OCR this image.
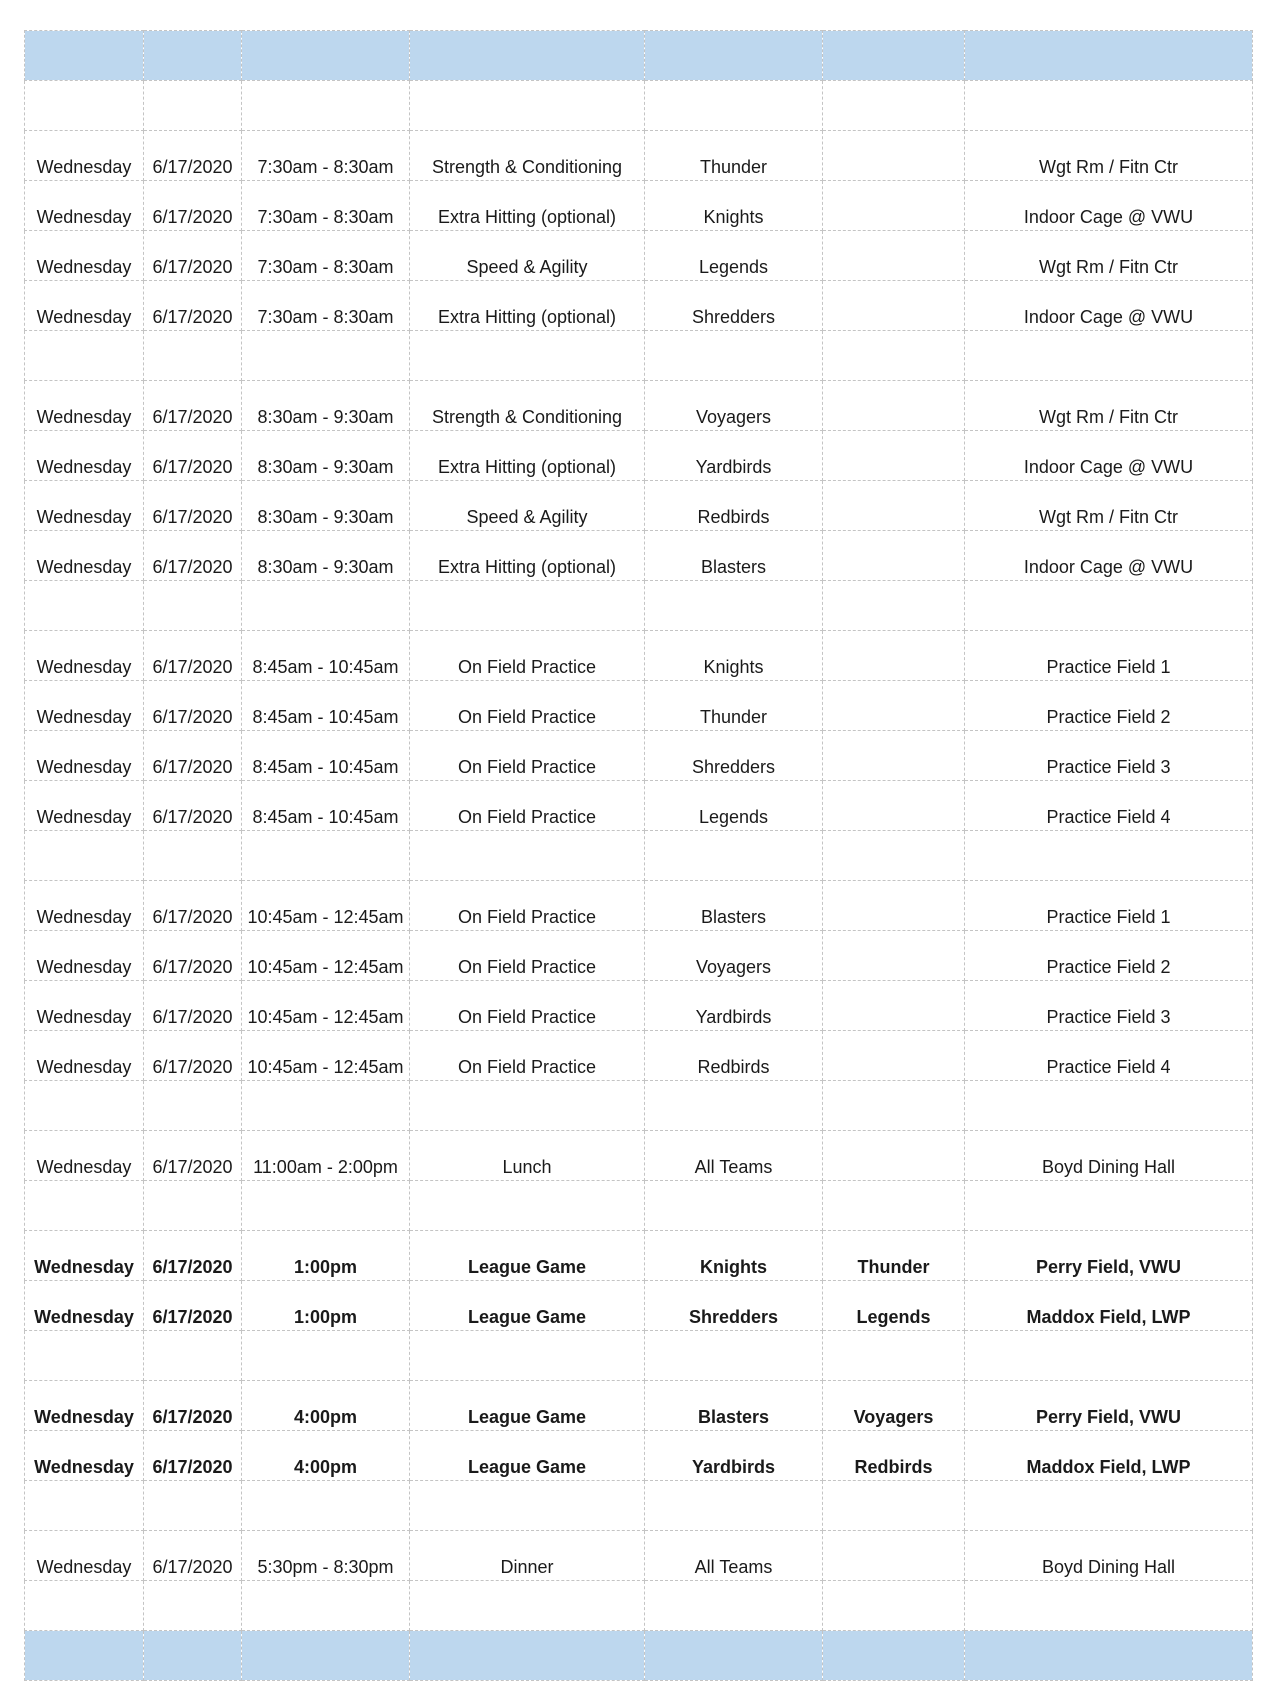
Wednesday	6/17/2020	7:30am - 8:30am	Strength & Conditioning	Thunder		Wgt Rm / Fitn Ctr
Wednesday	6/17/2020	7:30am - 8:30am	Extra Hitting (optional)	Knights		Indoor Cage @ VWU
Wednesday	6/17/2020	7:30am - 8:30am	Speed & Agility	Legends		Wgt Rm / Fitn Ctr
Wednesday	6/17/2020	7:30am - 8:30am	Extra Hitting (optional)	Shredders		Indoor Cage @ VWU

Wednesday	6/17/2020	8:30am - 9:30am	Strength & Conditioning	Voyagers		Wgt Rm / Fitn Ctr
Wednesday	6/17/2020	8:30am - 9:30am	Extra Hitting (optional)	Yardbirds		Indoor Cage @ VWU
Wednesday	6/17/2020	8:30am - 9:30am	Speed & Agility	Redbirds		Wgt Rm / Fitn Ctr
Wednesday	6/17/2020	8:30am - 9:30am	Extra Hitting (optional)	Blasters		Indoor Cage @ VWU

Wednesday	6/17/2020	8:45am - 10:45am	On Field Practice	Knights		Practice Field 1
Wednesday	6/17/2020	8:45am - 10:45am	On Field Practice	Thunder		Practice Field 2
Wednesday	6/17/2020	8:45am - 10:45am	On Field Practice	Shredders		Practice Field 3
Wednesday	6/17/2020	8:45am - 10:45am	On Field Practice	Legends		Practice Field 4

Wednesday	6/17/2020	10:45am - 12:45am	On Field Practice	Blasters		Practice Field 1
Wednesday	6/17/2020	10:45am - 12:45am	On Field Practice	Voyagers		Practice Field 2
Wednesday	6/17/2020	10:45am - 12:45am	On Field Practice	Yardbirds		Practice Field 3
Wednesday	6/17/2020	10:45am - 12:45am	On Field Practice	Redbirds		Practice Field 4

Wednesday	6/17/2020	11:00am - 2:00pm	Lunch	All Teams		Boyd Dining Hall

Wednesday	6/17/2020	1:00pm	League Game	Knights	Thunder	Perry Field, VWU
Wednesday	6/17/2020	1:00pm	League Game	Shredders	Legends	Maddox Field, LWP

Wednesday	6/17/2020	4:00pm	League Game	Blasters	Voyagers	Perry Field, VWU
Wednesday	6/17/2020	4:00pm	League Game	Yardbirds	Redbirds	Maddox Field, LWP

Wednesday	6/17/2020	5:30pm - 8:30pm	Dinner	All Teams		Boyd Dining Hall
